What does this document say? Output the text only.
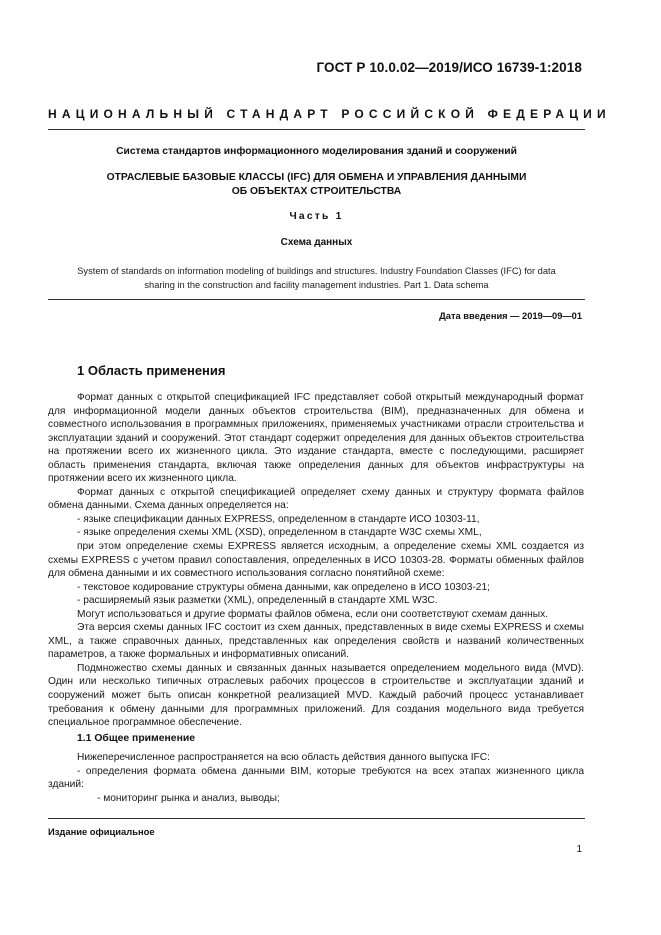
ГОСТ Р 10.0.02—2019/ИСО 16739-1:2018
НАЦИОНАЛЬНЫЙ СТАНДАРТ РОССИЙСКОЙ ФЕДЕРАЦИИ
Система стандартов информационного моделирования зданий и сооружений
ОТРАСЛЕВЫЕ БАЗОВЫЕ КЛАССЫ (IFC) ДЛЯ ОБМЕНА И УПРАВЛЕНИЯ ДАННЫМИ
ОБ ОБЪЕКТАХ СТРОИТЕЛЬСТВА
Часть 1
Схема данных
System of standards on information modeling of buildings and structures. Industry Foundation Classes (IFC) for data
sharing in the construction and facility management industries. Part 1. Data schema
Дата введения — 2019—09—01
1 Область применения

Формат данных с открытой спецификацией IFC представляет собой открытый международный формат для информационной модели данных объектов строительства (BIM), предназначенных для обмена и совместного использования в программных приложениях, применяемых участниками отрасли строительства и эксплуатации зданий и сооружений. Этот стандарт содержит определения для данных объектов строительства на протяжении всего их жизненного цикла. Это издание стандарта, вместе с последующими, расширяет область применения стандарта, включая также определения данных для объектов инфраструктуры на протяжении всего их жизненного цикла.

Формат данных с открытой спецификацией определяет схему данных и структуру формата файлов обмена данными. Схема данных определяется на:

- языке спецификации данных EXPRESS, определенном в стандарте ИСО 10303-11,

- языке определения схемы XML (XSD), определенном в стандарте W3C схемы XML,

при этом определение схемы EXPRESS является исходным, а определение схемы XML создается из схемы EXPRESS с учетом правил сопоставления, определенных в ИСО 10303-28. Форматы обменных файлов для обмена данными и их совместного использования согласно понятийной схеме:

- текстовое кодирование структуры обмена данными, как определено в ИСО 10303-21;

- расширяемый язык разметки (XML), определенный в стандарте XML W3C.

Могут использоваться и другие форматы файлов обмена, если они соответствуют схемам данных.

Эта версия схемы данных IFC состоит из схем данных, представленных в виде схемы EXPRESS и схемы XML, а также справочных данных, представленных как определения свойств и названий количественных параметров, а также формальных и информативных описаний.

Подмножество схемы данных и связанных данных называется определением модельного вида (MVD). Один или несколько типичных отраслевых рабочих процессов в строительстве и эксплуатации зданий и сооружений может быть описан конкретной реализацией MVD. Каждый рабочий процесс устанавливает требования к обмену данными для программных приложений. Для создания модельного вида требуется специальное программное обеспечение.

1.1 Общее применение

Нижеперечисленное распространяется на всю область действия данного выпуска IFC:

- определения формата обмена данными BIM, которые требуются на всех этапах жизненного цикла зданий:

- мониторинг рынка и анализ, выводы;

Издание официальное
1
